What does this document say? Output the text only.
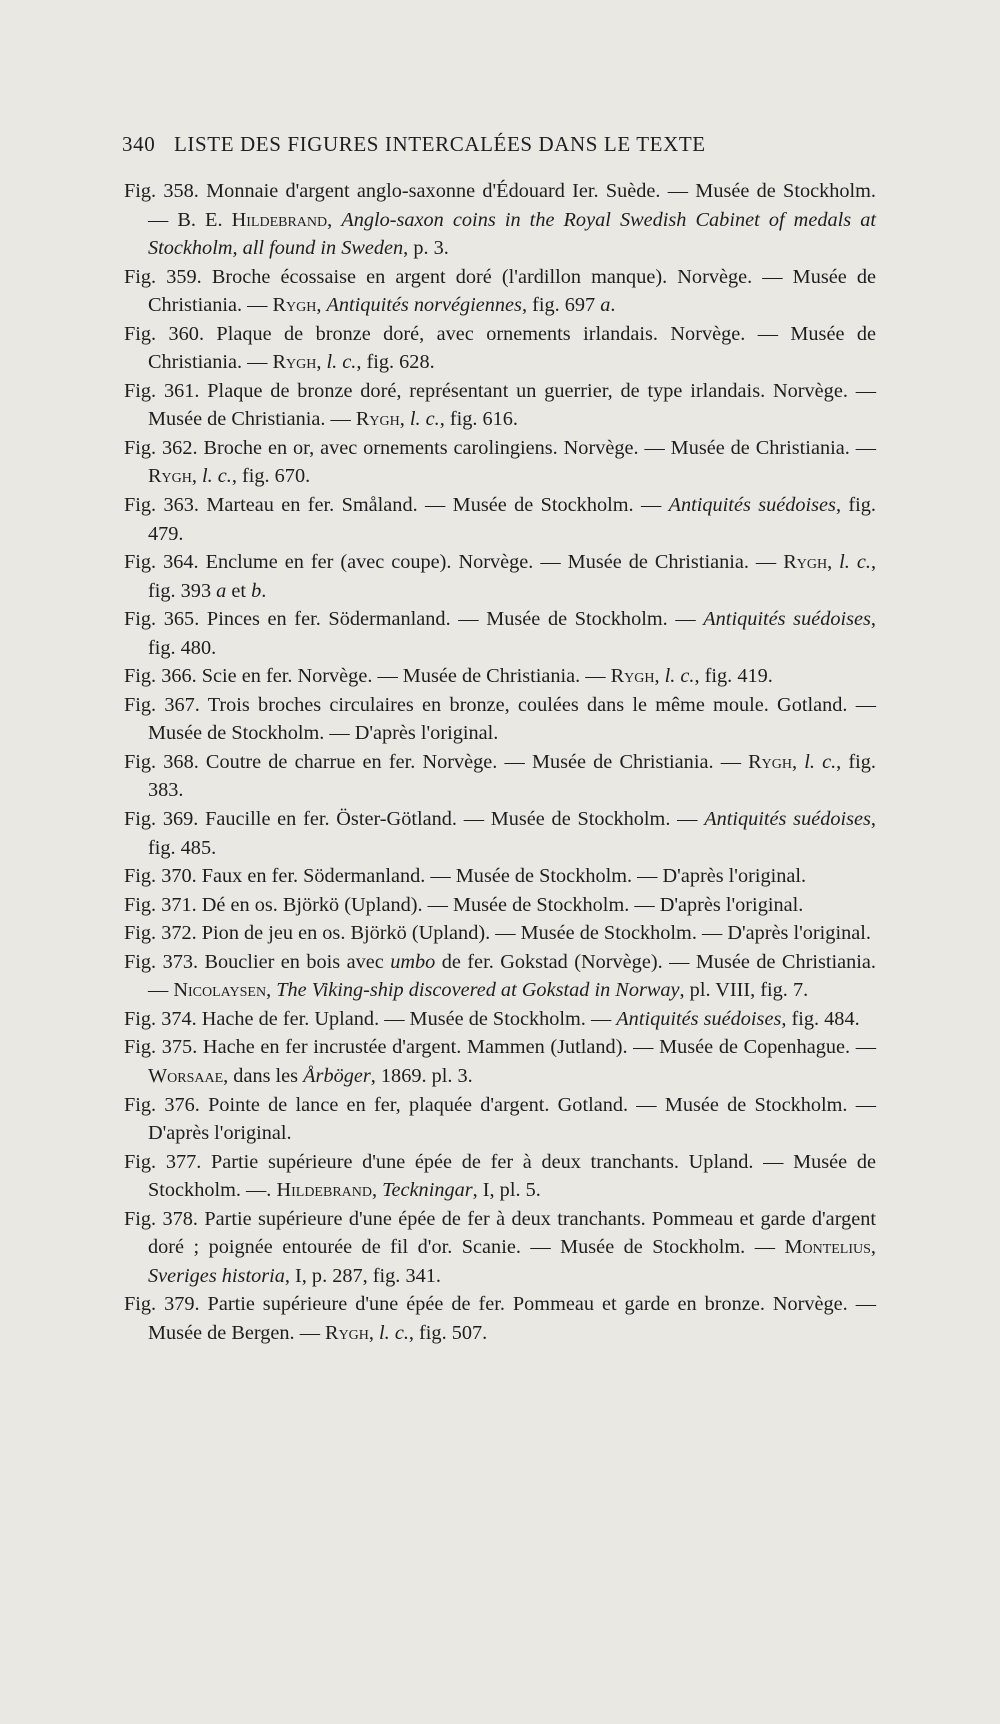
340 LISTE DES FIGURES INTERCALÉES DANS LE TEXTE

Fig. 358. Monnaie d'argent anglo-saxonne d'Édouard Ier. Suède. — Musée de Stockholm. — B. E. Hildebrand, Anglo-saxon coins in the Royal Swedish Cabinet of medals at Stockholm, all found in Sweden, p. 3.

Fig. 359. Broche écossaise en argent doré (l'ardillon manque). Norvège. — Musée de Christiania. — Rygh, Antiquités norvégiennes, fig. 697 a.

Fig. 360. Plaque de bronze doré, avec ornements irlandais. Norvège. — Musée de Christiania. — Rygh, l. c., fig. 628.

Fig. 361. Plaque de bronze doré, représentant un guerrier, de type irlandais. Norvège. — Musée de Christiania. — Rygh, l. c., fig. 616.

Fig. 362. Broche en or, avec ornements carolingiens. Norvège. — Musée de Christiania. — Rygh, l. c., fig. 670.

Fig. 363. Marteau en fer. Småland. — Musée de Stockholm. — Antiquités suédoises, fig. 479.

Fig. 364. Enclume en fer (avec coupe). Norvège. — Musée de Christiania. — Rygh, l. c., fig. 393 a et b.

Fig. 365. Pinces en fer. Södermanland. — Musée de Stockholm. — Antiquités suédoises, fig. 480.

Fig. 366. Scie en fer. Norvège. — Musée de Christiania. — Rygh, l. c., fig. 419.

Fig. 367. Trois broches circulaires en bronze, coulées dans le même moule. Gotland. — Musée de Stockholm. — D'après l'original.

Fig. 368. Coutre de charrue en fer. Norvège. — Musée de Christiania. — Rygh, l. c., fig. 383.

Fig. 369. Faucille en fer. Öster-Götland. — Musée de Stockholm. — Antiquités suédoises, fig. 485.

Fig. 370. Faux en fer. Södermanland. — Musée de Stockholm. — D'après l'original.

Fig. 371. Dé en os. Björkö (Upland). — Musée de Stockholm. — D'après l'original.

Fig. 372. Pion de jeu en os. Björkö (Upland). — Musée de Stockholm. — D'après l'original.

Fig. 373. Bouclier en bois avec umbo de fer. Gokstad (Norvège). — Musée de Christiania. — Nicolaysen, The Viking-ship discovered at Gokstad in Norway, pl. VIII, fig. 7.

Fig. 374. Hache de fer. Upland. — Musée de Stockholm. — Antiquités suédoises, fig. 484.

Fig. 375. Hache en fer incrustée d'argent. Mammen (Jutland). — Musée de Copenhague. — Worsaae, dans les Årböger, 1869. pl. 3.

Fig. 376. Pointe de lance en fer, plaquée d'argent. Gotland. — Musée de Stockholm. — D'après l'original.

Fig. 377. Partie supérieure d'une épée de fer à deux tranchants. Upland. — Musée de Stockholm. —. Hildebrand, Teckningar, I, pl. 5.

Fig. 378. Partie supérieure d'une épée de fer à deux tranchants. Pommeau et garde d'argent doré ; poignée entourée de fil d'or. Scanie. — Musée de Stockholm. — Montelius, Sveriges historia, I, p. 287, fig. 341.

Fig. 379. Partie supérieure d'une épée de fer. Pommeau et garde en bronze. Norvège. — Musée de Bergen. — Rygh, l. c., fig. 507.
